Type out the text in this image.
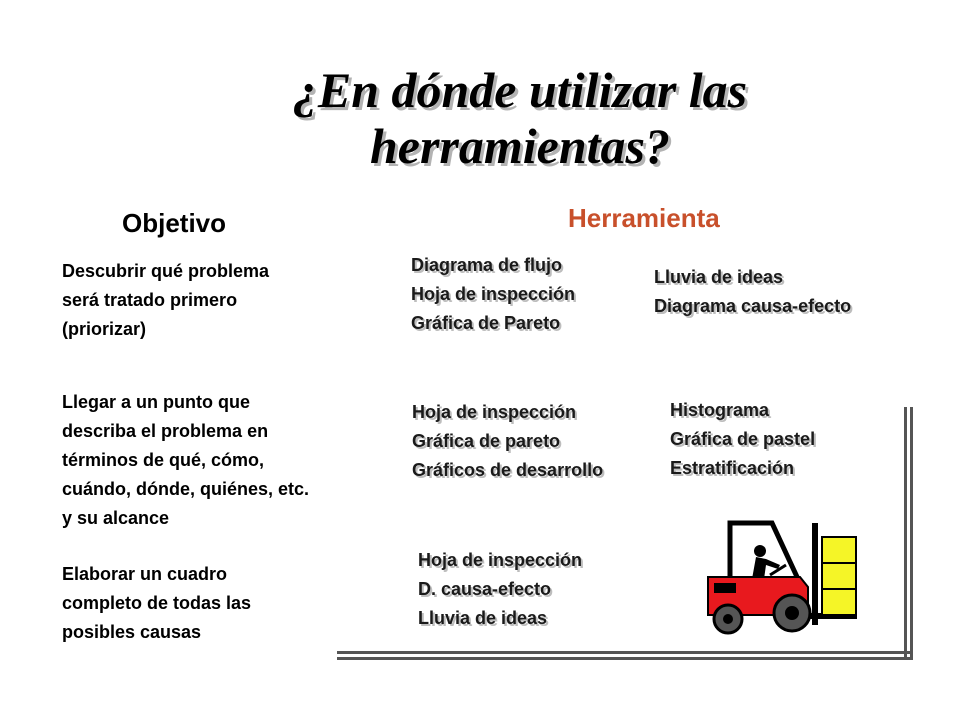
¿En dónde utilizar las
herramientas?
Objetivo	Herramienta
Descubrir qué problema
será tratado primero
(priorizar)
Diagrama de flujo
Hoja de inspección
Gráfica de Pareto
Lluvia de ideas
Diagrama causa-efecto
Llegar a un punto que
describa el problema en
términos de qué, cómo,
cuándo, dónde, quiénes, etc.
y su alcance
Hoja de inspección
Gráfica de pareto
Gráficos de desarrollo
Histograma
Gráfica de pastel
Estratificación
Elaborar un cuadro
completo de todas las
posibles causas
Hoja de inspección
D. causa-efecto
Lluvia de ideas
